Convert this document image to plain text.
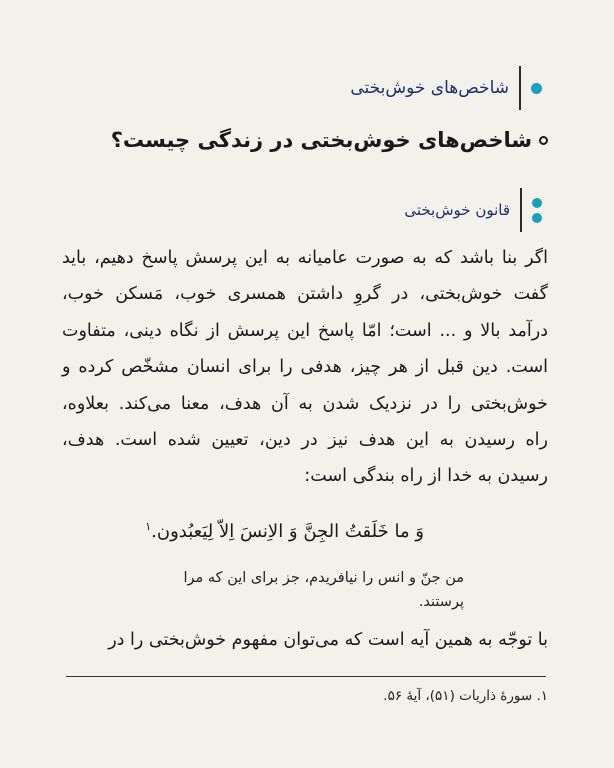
شاخص‌های خوش‌بختی
شاخص‌های خوش‌بختی در زندگی چیست؟
قانون خوش‌بختی
اگر بنا باشد که به صورت عامیانه به این پرسش پاسخ دهیم، باید
گفت خوش‌بختی، در گروِ داشتن همسری خوب، مَسکن خوب،
درآمد بالا و ... است؛ امّا پاسخ این پرسش از نگاه دینی، متفاوت
است. دین قبل از هر چیز، هدفی را برای انسان مشخّص کرده و
خوش‌بختی را در نزدیک شدن به آن هدف، معنا می‌کند. بعلاوه،
راه رسیدن به این هدف نیز در دین، تعیین شده است. هدف،
رسیدن به خدا از راه بندگی است:
وَ ما خَلَقتُ الجِنَّ وَ الاِنسَ اِلاّ لِیَعبُدون.$^۱$
من جنّ و انس را نیافریدم، جز برای این که مرا
پرستند.
با توجّه به همین آیه است که می‌توان مفهوم خوش‌بختی را در
۱. سورهٔ ذاریات (۵۱)، آیهٔ ۵۶.
